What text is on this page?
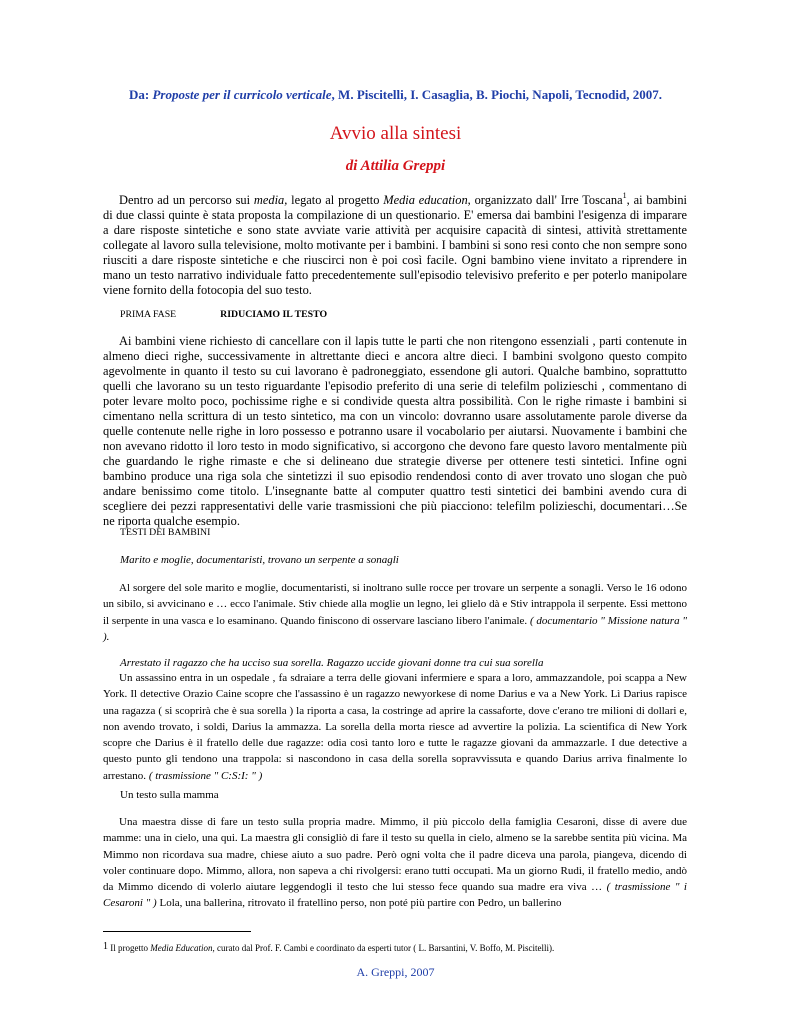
Da: Proposte per il curricolo verticale, M. Piscitelli, I. Casaglia, B. Piochi, Napoli, Tecnodid, 2007.
Avvio alla sintesi
di Attilia Greppi

Dentro ad un percorso sui media, legato al progetto Media education, organizzato dall' Irre Toscana$^1$, ai bambini di due classi quinte è stata proposta la compilazione di un questionario. E' emersa dai bambini l'esigenza di imparare a dare risposte sintetiche e sono state avviate varie attività per acquisire capacità di sintesi, attività strettamente collegate al lavoro sulla televisione, molto motivante per i bambini. I bambini si sono resi conto che non sempre sono riusciti a dare risposte sintetiche e che riuscirci non è poi così facile. Ogni bambino viene invitato a riprendere in mano un testo narrativo individuale fatto precedentemente sull'episodio televisivo preferito e per poterlo manipolare viene fornito della fotocopia del suo testo.

PRIMA FASE	RIDUCIAMO IL TESTO

Ai bambini viene richiesto di cancellare con il lapis tutte le parti che non ritengono essenziali , parti contenute in almeno dieci righe, successivamente in altrettante dieci e ancora altre dieci. I bambini svolgono questo compito agevolmente in quanto il testo su cui lavorano è padroneggiato, essendone gli autori. Qualche bambino, soprattutto quelli che lavorano su un testo riguardante l'episodio preferito di una serie di telefilm polizieschi , commentano di poter levare molto poco, pochissime righe e si condivide questa altra possibilità. Con le righe rimaste i bambini si cimentano nella scrittura di un testo sintetico, ma con un vincolo: dovranno usare assolutamente parole diverse da quelle contenute nelle righe in loro possesso e potranno usare il vocabolario per aiutarsi. Nuovamente i bambini che non avevano ridotto il loro testo in modo significativo, si accorgono che devono fare questo lavoro mentalmente più che guardando le righe rimaste e che si delineano due strategie diverse per ottenere testi sintetici. Infine ogni bambino produce una riga sola che sintetizzi il suo episodio rendendosi conto di aver trovato uno slogan che può andare benissimo come titolo. L'insegnante batte al computer quattro testi sintetici dei bambini avendo cura di scegliere dei pezzi rappresentativi delle varie trasmissioni che più piacciono: telefilm polizieschi, documentari…Se ne riporta qualche esempio.

TESTI DEI BAMBINI
Marito e moglie, documentaristi, trovano un serpente a sonagli

Al sorgere del sole marito e moglie, documentaristi, si inoltrano sulle rocce per trovare un serpente a sonagli. Verso le 16 odono un sibilo, si avvicinano e … ecco l'animale. Stiv chiede alla moglie un legno, lei glielo dà e Stiv intrappola il serpente. Essi mettono il serpente in una vasca e lo esaminano. Quando finiscono di osservare lasciano libero l'animale. ( documentario " Missione natura " ).

Arrestato il ragazzo che ha ucciso sua sorella. Ragazzo uccide giovani donne tra cui sua sorella

Un assassino entra in un ospedale , fa sdraiare a terra delle giovani infermiere e spara a loro, ammazzandole, poi scappa a New York. Il detective Orazio Caine scopre che l'assassino è un ragazzo newyorkese di nome Darius e va a New York. Lì Darius rapisce una ragazza ( si scoprirà che è sua sorella ) la riporta a casa, la costringe ad aprire la cassaforte, dove c'erano tre milioni di dollari e, non avendo trovato, i soldi, Darius la ammazza. La sorella della morta riesce ad avvertire la polizia. La scientifica di New York scopre che Darius è il fratello delle due ragazze: odia così tanto loro e tutte le ragazze giovani da ammazzarle. I due detective a questo punto gli tendono una trappola: si nascondono in casa della sorella sopravvissuta e quando Darius arriva finalmente lo arrestano. ( trasmissione " C:S:I: " )

Un testo sulla mamma

Una maestra disse di fare un testo sulla propria madre. Mimmo, il più piccolo della famiglia Cesaroni, disse di avere due mamme: una in cielo, una qui. La maestra gli consigliò di fare il testo su quella in cielo, almeno se la sarebbe sentita più vicina. Ma Mimmo non ricordava sua madre, chiese aiuto a suo padre. Però ogni volta che il padre diceva una parola, piangeva, dicendo di voler continuare dopo. Mimmo, allora, non sapeva a chi rivolgersi: erano tutti occupati. Ma un giorno Rudi, il fratello medio, andò da Mimmo dicendo di volerlo aiutare leggendogli il testo che lui stesso fece quando sua madre era viva … ( trasmissione " i Cesaroni " ) Lola, una ballerina, ritrovato il fratellino perso, non poté più partire con Pedro, un ballerino

$^1$ Il progetto Media Education, curato dal Prof. F. Cambi e coordinato da esperti tutor ( L. Barsantini, V. Boffo, M. Piscitelli).
A. Greppi, 2007
